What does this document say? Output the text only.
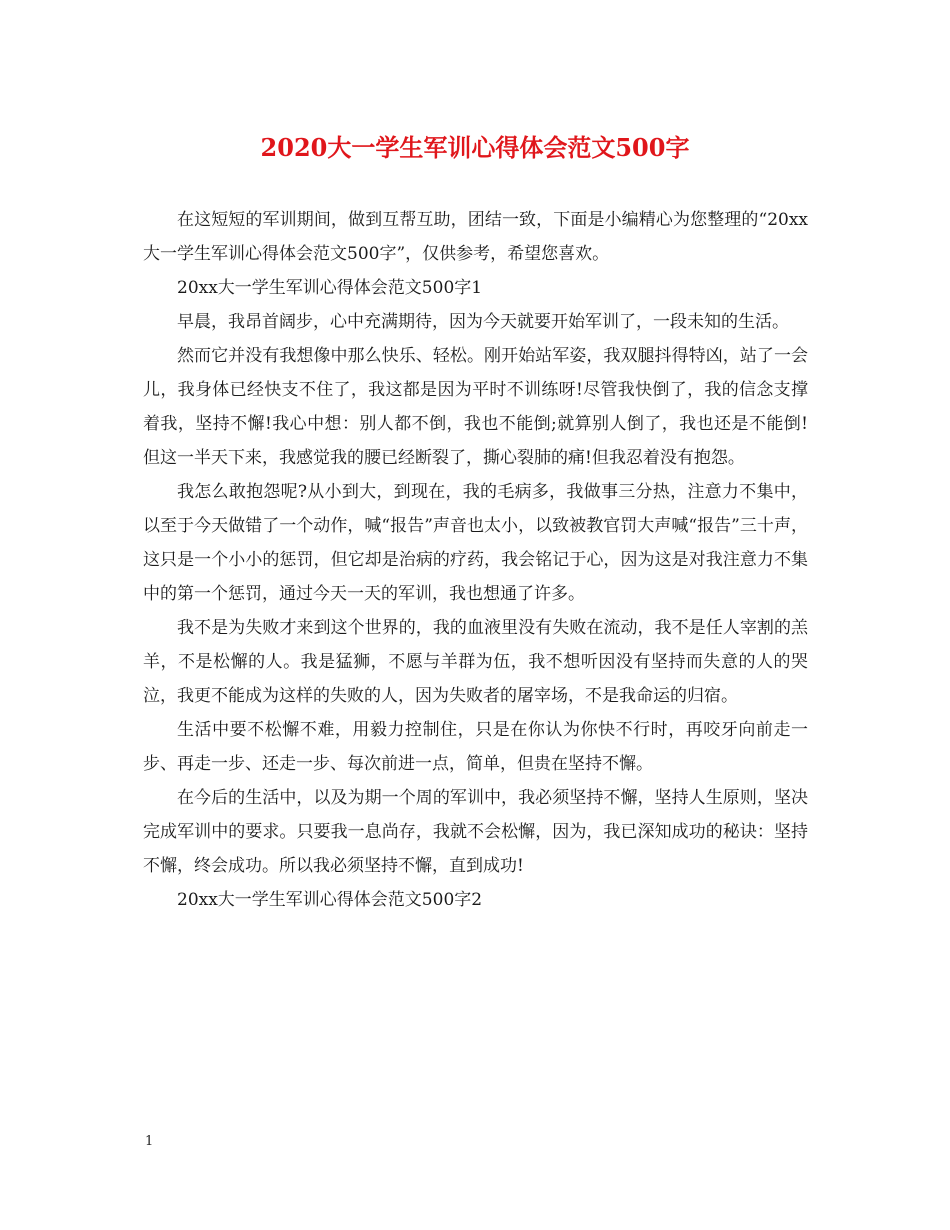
2020大一学生军训心得体会范文500字

在这短短的军训期间，做到互帮互助，团结一致，下面是小编精心为您整理的“20xx大一学生军训心得体会范文500字”，仅供参考，希望您喜欢。

20xx大一学生军训心得体会范文500字1

早晨，我昂首阔步，心中充满期待，因为今天就要开始军训了，一段未知的生活。

然而它并没有我想像中那么快乐、轻松。刚开始站军姿，我双腿抖得特凶，站了一会儿，我身体已经快支不住了，我这都是因为平时不训练呀!尽管我快倒了，我的信念支撑着我，坚持不懈!我心中想：别人都不倒，我也不能倒;就算别人倒了，我也还是不能倒!但这一半天下来，我感觉我的腰已经断裂了，撕心裂肺的痛!但我忍着没有抱怨。

我怎么敢抱怨呢?从小到大，到现在，我的毛病多，我做事三分热，注意力不集中，以至于今天做错了一个动作，喊“报告”声音也太小，以致被教官罚大声喊“报告”三十声，这只是一个小小的惩罚，但它却是治病的疗药，我会铭记于心，因为这是对我注意力不集中的第一个惩罚，通过今天一天的军训，我也想通了许多。

我不是为失败才来到这个世界的，我的血液里没有失败在流动，我不是任人宰割的羔羊，不是松懈的人。我是猛狮，不愿与羊群为伍，我不想听因没有坚持而失意的人的哭泣，我更不能成为这样的失败的人，因为失败者的屠宰场，不是我命运的归宿。

生活中要不松懈不难，用毅力控制住，只是在你认为你快不行时，再咬牙向前走一步、再走一步、还走一步、每次前进一点，简单，但贵在坚持不懈。

在今后的生活中，以及为期一个周的军训中，我必须坚持不懈，坚持人生原则，坚决完成军训中的要求。只要我一息尚存，我就不会松懈，因为，我已深知成功的秘诀：坚持不懈，终会成功。所以我必须坚持不懈，直到成功!

20xx大一学生军训心得体会范文500字2

1
